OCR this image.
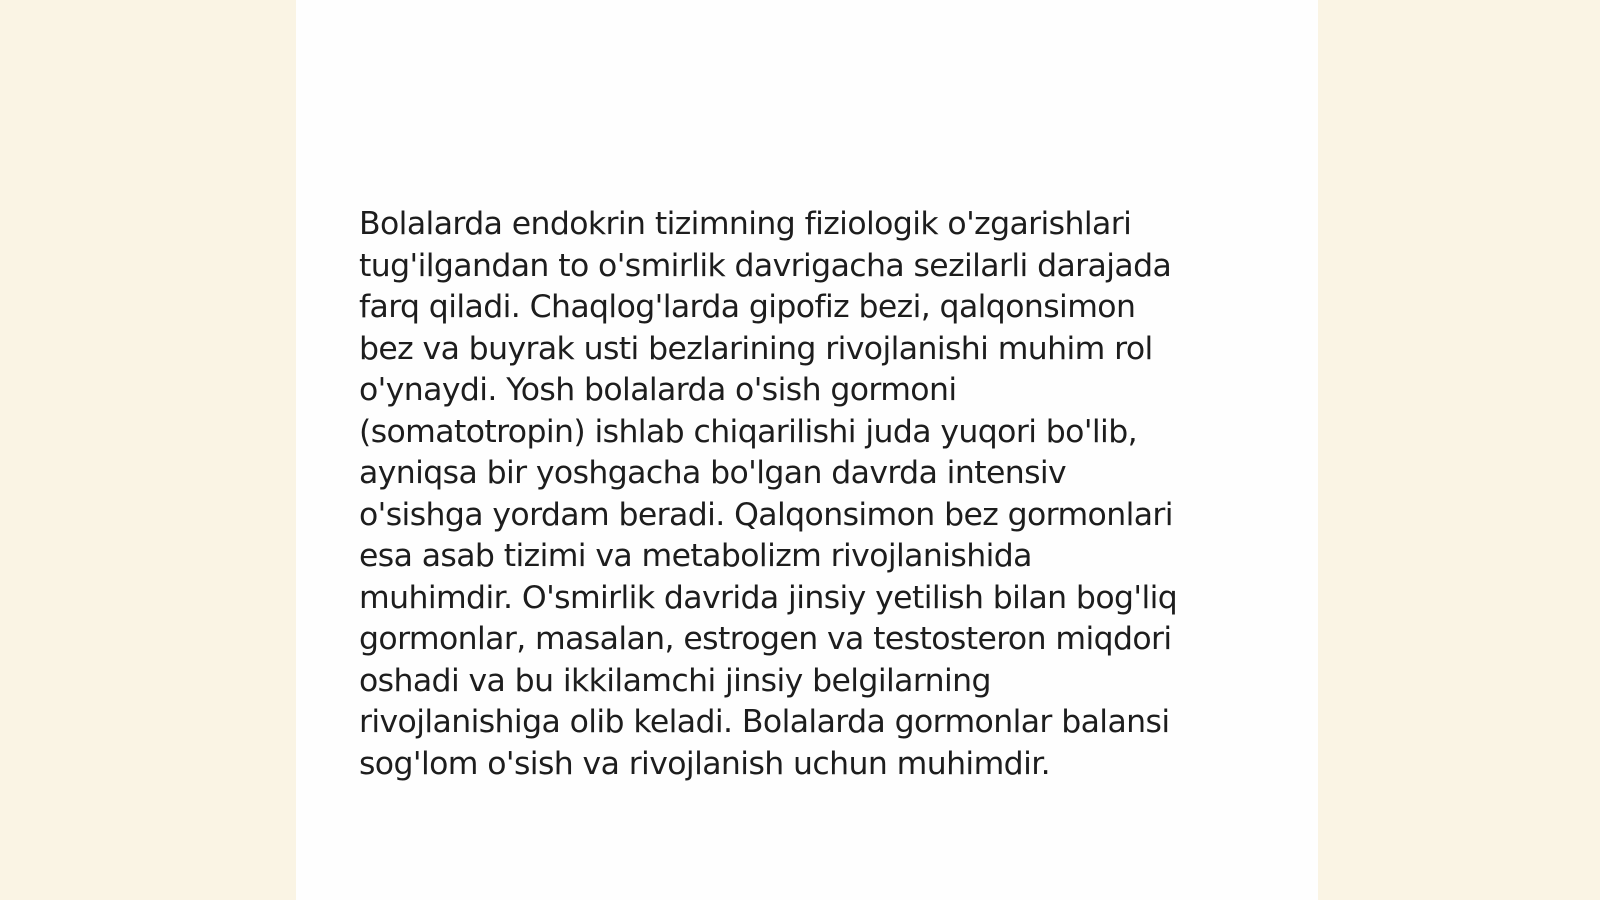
Bolalarda endokrin tizimning fiziologik o'zgarishlari
tug'ilgandan to o'smirlik davrigacha sezilarli darajada
farq qiladi. Chaqlog'larda gipofiz bezi, qalqonsimon
bez va buyrak usti bezlarining rivojlanishi muhim rol
o'ynaydi. Yosh bolalarda o'sish gormoni
(somatotropin) ishlab chiqarilishi juda yuqori bo'lib,
ayniqsa bir yoshgacha bo'lgan davrda intensiv
o'sishga yordam beradi. Qalqonsimon bez gormonlari
esa asab tizimi va metabolizm rivojlanishida
muhimdir. O'smirlik davrida jinsiy yetilish bilan bog'liq
gormonlar, masalan, estrogen va testosteron miqdori
oshadi va bu ikkilamchi jinsiy belgilarning
rivojlanishiga olib keladi. Bolalarda gormonlar balansi
sog'lom o'sish va rivojlanish uchun muhimdir.
